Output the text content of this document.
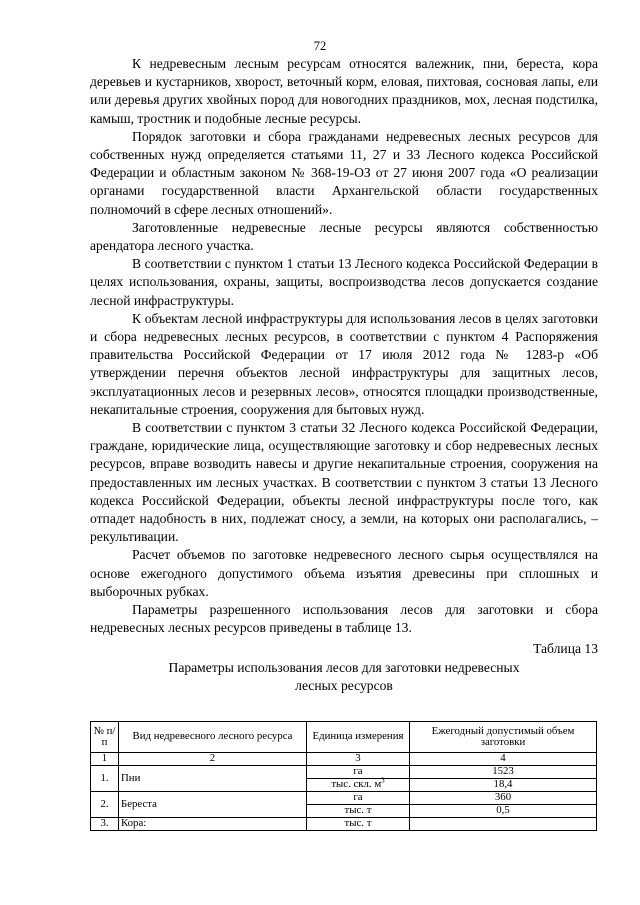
72

К недревесным лесным ресурсам относятся валежник, пни, береста, кора деревьев и кустарников, хворост, веточный корм, еловая, пихтовая, сосновая лапы, ели или деревья других хвойных пород для новогодних праздников, мох, лесная подстилка, камыш, тростник и подобные лесные ресурсы.

Порядок заготовки и сбора гражданами недревесных лесных ресурсов для собственных нужд определяется статьями 11, 27 и 33 Лесного кодекса Российской Федерации и областным законом № 368-19-ОЗ от 27 июня 2007 года «О реализации органами государственной власти Архангельской области государственных полномочий в сфере лесных отношений».

Заготовленные недревесные лесные ресурсы являются собственностью арендатора лесного участка.

В соответствии с пунктом 1 статьи 13 Лесного кодекса Российской Федерации в целях использования, охраны, защиты, воспроизводства лесов допускается создание лесной инфраструктуры.

К объектам лесной инфраструктуры для использования лесов в целях заготовки и сбора недревесных лесных ресурсов, в соответствии с пунктом 4 Распоряжения правительства Российской Федерации от 17 июля 2012 года № 1283-р «Об утверждении перечня объектов лесной инфраструктуры для защитных лесов, эксплуатационных лесов и резервных лесов», относятся площадки производственные, некапитальные строения, сооружения для бытовых нужд.

В соответствии с пунктом 3 статьи 32 Лесного кодекса Российской Федерации, граждане, юридические лица, осуществляющие заготовку и сбор недревесных лесных ресурсов, вправе возводить навесы и другие некапитальные строения, сооружения на предоставленных им лесных участках. В соответствии с пунктом 3 статьи 13 Лесного кодекса Российской Федерации, объекты лесной инфраструктуры после того, как отпадет надобность в них, подлежат сносу, а земли, на которых они располагались, – рекультивации.

Расчет объемов по заготовке недревесного лесного сырья осуществлялся на основе ежегодного допустимого объема изъятия древесины при сплошных и выборочных рубках.

Параметры разрешенного использования лесов для заготовки и сбора недревесных лесных ресурсов приведены в таблице 13.

Таблица 13
Параметры использования лесов для заготовки недревесных
лесных ресурсов
№ п/п	Вид недревесного лесного ресурса	Единица измерения	Ежегодный допустимый объем заготовки
1	2	3	4
1.	Пни	га	1523
		тыс. скл. $м^3$	18,4
2.	Береста	га	360
		тыс. т	0,5
3.	Кора:	тыс. т	
